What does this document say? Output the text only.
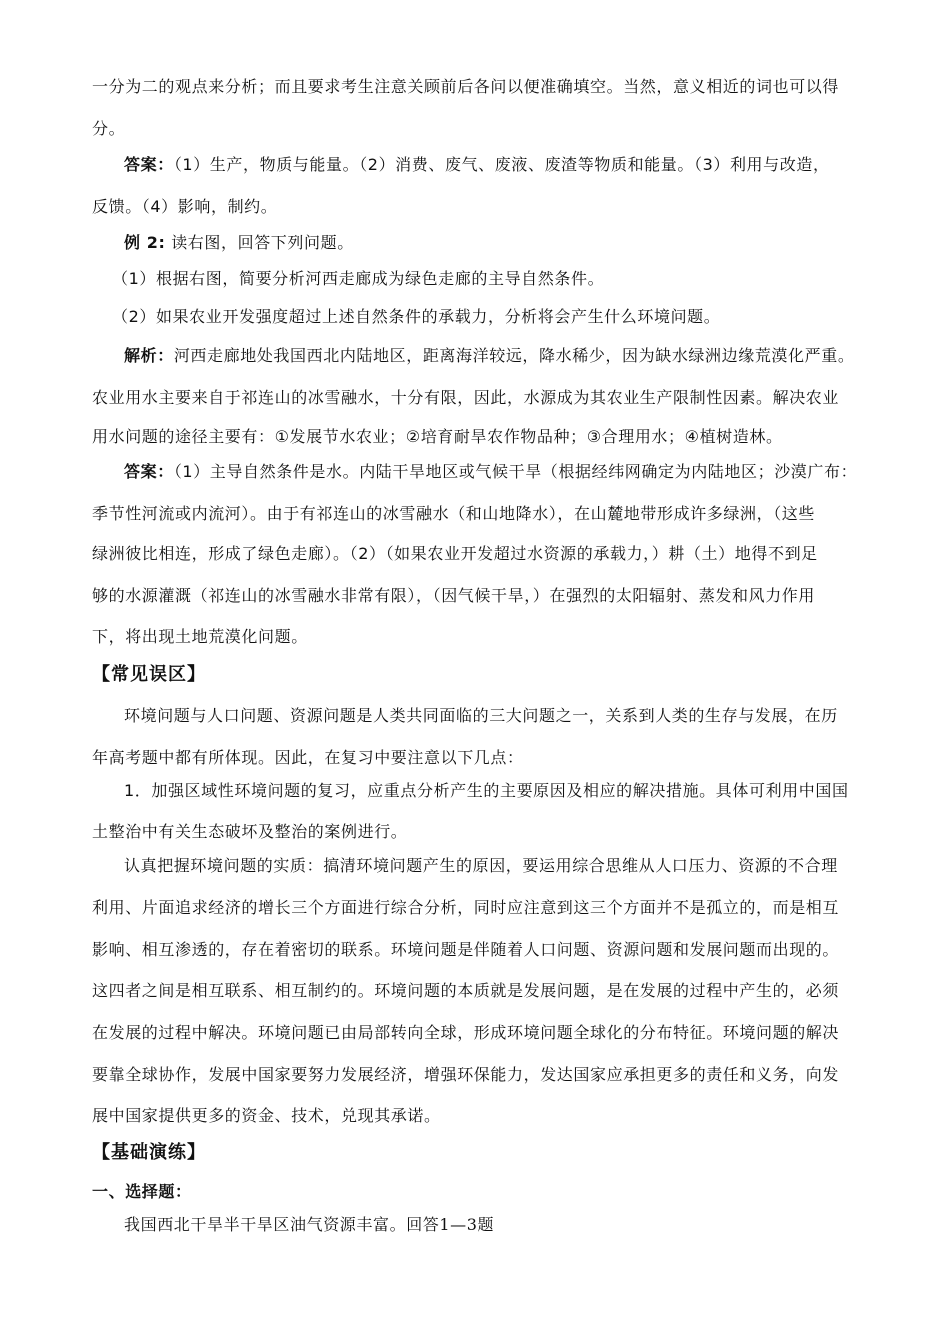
一分为二的观点来分析；而且要求考生注意关顾前后各问以便准确填空。当然，意义相近的词也可以得
分。
答案：（1）生产，物质与能量。（2）消费、废气、废液、废渣等物质和能量。（3）利用与改造，
反馈。（4）影响，制约。
例 2: 读右图，回答下列问题。
（1）根据右图，简要分析河西走廊成为绿色走廊的主导自然条件。
（2）如果农业开发强度超过上述自然条件的承载力，分析将会产生什么环境问题。
解析：河西走廊地处我国西北内陆地区，距离海洋较远，降水稀少，因为缺水绿洲边缘荒漠化严重。
农业用水主要来自于祁连山的冰雪融水，十分有限，因此，水源成为其农业生产限制性因素。解决农业
用水问题的途径主要有：①发展节水农业；②培育耐旱农作物品种；③合理用水；④植树造林。
答案：（1）主导自然条件是水。内陆干旱地区或气候干旱（根据经纬网确定为内陆地区；沙漠广布：
季节性河流或内流河）。由于有祁连山的冰雪融水（和山地降水），在山麓地带形成许多绿洲，（这些
绿洲彼比相连，形成了绿色走廊）。（2）（如果农业开发超过水资源的承载力，）耕（土）地得不到足
够的水源灌溉（祁连山的冰雪融水非常有限），（因气候干旱，）在强烈的太阳辐射、蒸发和风力作用
下，将出现土地荒漠化问题。
【常见误区】
环境问题与人口问题、资源问题是人类共同面临的三大问题之一，关系到人类的生存与发展，在历
年高考题中都有所体现。因此，在复习中要注意以下几点：
1．加强区域性环境问题的复习，应重点分析产生的主要原因及相应的解决措施。具体可利用中国国
土整治中有关生态破坏及整治的案例进行。
认真把握环境问题的实质：搞清环境问题产生的原因，要运用综合思维从人口压力、资源的不合理
利用、片面追求经济的增长三个方面进行综合分析，同时应注意到这三个方面并不是孤立的，而是相互
影响、相互渗透的，存在着密切的联系。环境问题是伴随着人口问题、资源问题和发展问题而出现的。
这四者之间是相互联系、相互制约的。环境问题的本质就是发展问题，是在发展的过程中产生的，必须
在发展的过程中解决。环境问题已由局部转向全球，形成环境问题全球化的分布特征。环境问题的解决
要靠全球协作，发展中国家要努力发展经济，增强环保能力，发达国家应承担更多的责任和义务，向发
展中国家提供更多的资金、技术，兑现其承诺。
【基础演练】
一、选择题：
我国西北干旱半干旱区油气资源丰富。回答1—3题
